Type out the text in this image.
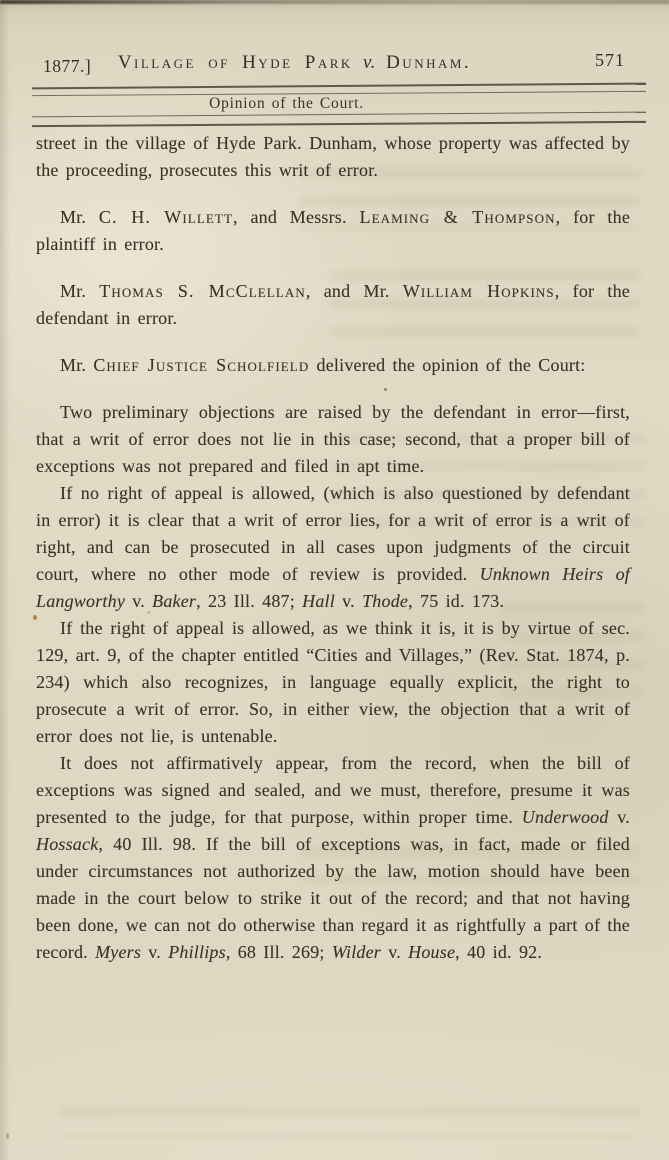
1877.]	Village of Hyde Park v. Dunham.	571
Opinion of the Court.

street in the village of Hyde Park. Dunham, whose property was affected by the proceeding, prosecutes this writ of error.

Mr. C. H. Willett, and Messrs. Leaming & Thompson, for the plaintiff in error.

Mr. Thomas S. McClellan, and Mr. William Hopkins, for the defendant in error.

Mr. Chief Justice Scholfield delivered the opinion of the Court:

Two preliminary objections are raised by the defendant in error—first, that a writ of error does not lie in this case; second, that a proper bill of exceptions was not prepared and filed in apt time.

If no right of appeal is allowed, (which is also questioned by defendant in error) it is clear that a writ of error lies, for a writ of error is a writ of right, and can be prosecuted in all cases upon judgments of the circuit court, where no other mode of review is provided. Unknown Heirs of Langworthy v. Baker, 23 Ill. 487; Hall v. Thode, 75 id. 173.

If the right of appeal is allowed, as we think it is, it is by virtue of sec. 129, art. 9, of the chapter entitled “Cities and Villages,” (Rev. Stat. 1874, p. 234) which also recognizes, in language equally explicit, the right to prosecute a writ of error. So, in either view, the objection that a writ of error does not lie, is untenable.

It does not affirmatively appear, from the record, when the bill of exceptions was signed and sealed, and we must, therefore, presume it was presented to the judge, for that purpose, within proper time. Underwood v. Hossack, 40 Ill. 98. If the bill of exceptions was, in fact, made or filed under circumstances not authorized by the law, motion should have been made in the court below to strike it out of the record; and that not having been done, we can not do otherwise than regard it as rightfully a part of the record. Myers v. Phillips, 68 Ill. 269; Wilder v. House, 40 id. 92.
